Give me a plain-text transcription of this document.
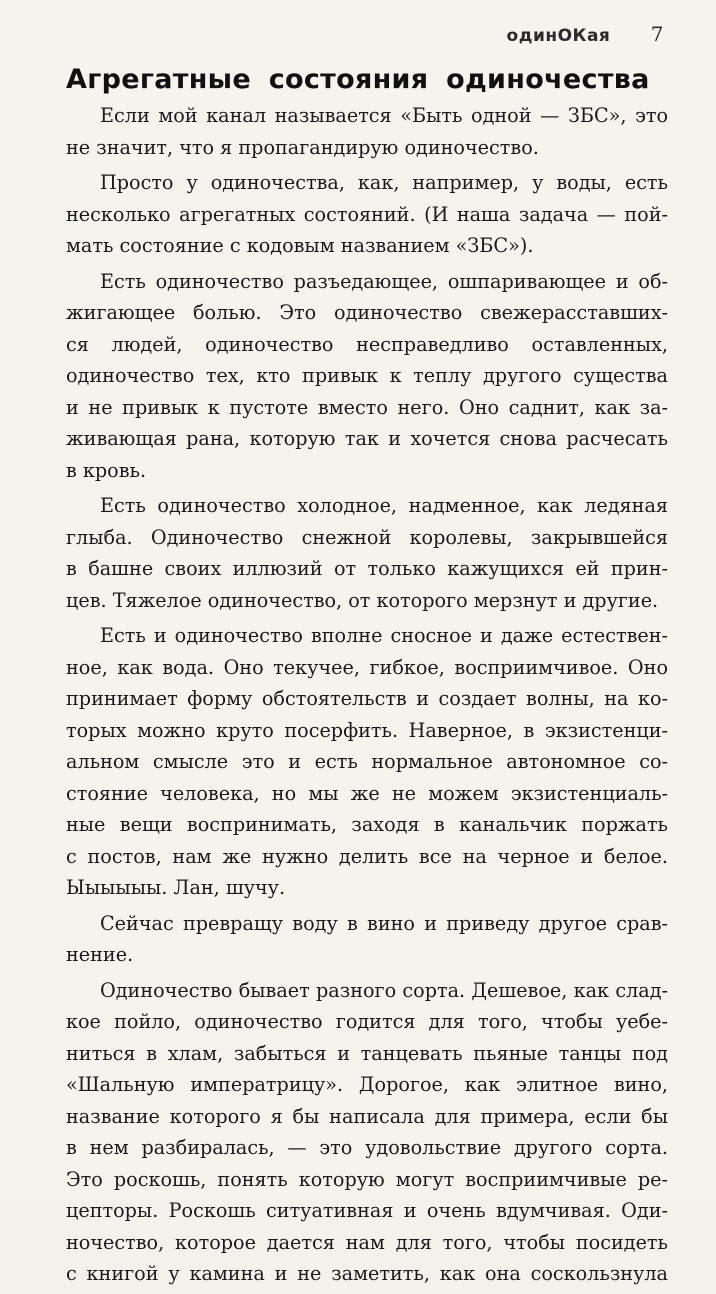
одинОКая 7
Агрегатные состояния одиночества

Если мой канал называется «Быть одной — ЗБС», это
не значит, что я пропагандирую одиночество.

Просто у одиночества, как, например, у воды, есть
несколько агрегатных состояний. (И наша задача — пой-
мать состояние с кодовым названием «ЗБС»).

Есть одиночество разъедающее, ошпаривающее и об-
жигающее болью. Это одиночество свежерасставших-
ся людей, одиночество несправедливо оставленных,
одиночество тех, кто привык к теплу другого существа
и не привык к пустоте вместо него. Оно саднит, как за-
живающая рана, которую так и хочется снова расчесать
в кровь.

Есть одиночество холодное, надменное, как ледяная
глыба. Одиночество снежной королевы, закрывшейся
в башне своих иллюзий от только кажущихся ей прин-
цев. Тяжелое одиночество, от которого мерзнут и другие.

Есть и одиночество вполне сносное и даже естествен-
ное, как вода. Оно текучее, гибкое, восприимчивое. Оно
принимает форму обстоятельств и создает волны, на ко-
торых можно круто посерфить. Наверное, в экзистенци-
альном смысле это и есть нормальное автономное со-
стояние человека, но мы же не можем экзистенциаль-
ные вещи воспринимать, заходя в канальчик поржать
с постов, нам же нужно делить все на черное и белое.
Ыыыыыы. Лан, шучу.

Сейчас превращу воду в вино и приведу другое срав-
нение.

Одиночество бывает разного сорта. Дешевое, как слад-
кое пойло, одиночество годится для того, чтобы уебе-
ниться в хлам, забыться и танцевать пьяные танцы под
«Шальную императрицу». Дорогое, как элитное вино,
название которого я бы написала для примера, если бы
в нем разбиралась, — это удовольствие другого сорта.
Это роскошь, понять которую могут восприимчивые ре-
цепторы. Роскошь ситуативная и очень вдумчивая. Оди-
ночество, которое дается нам для того, чтобы посидеть
с книгой у камина и не заметить, как она соскользнула
